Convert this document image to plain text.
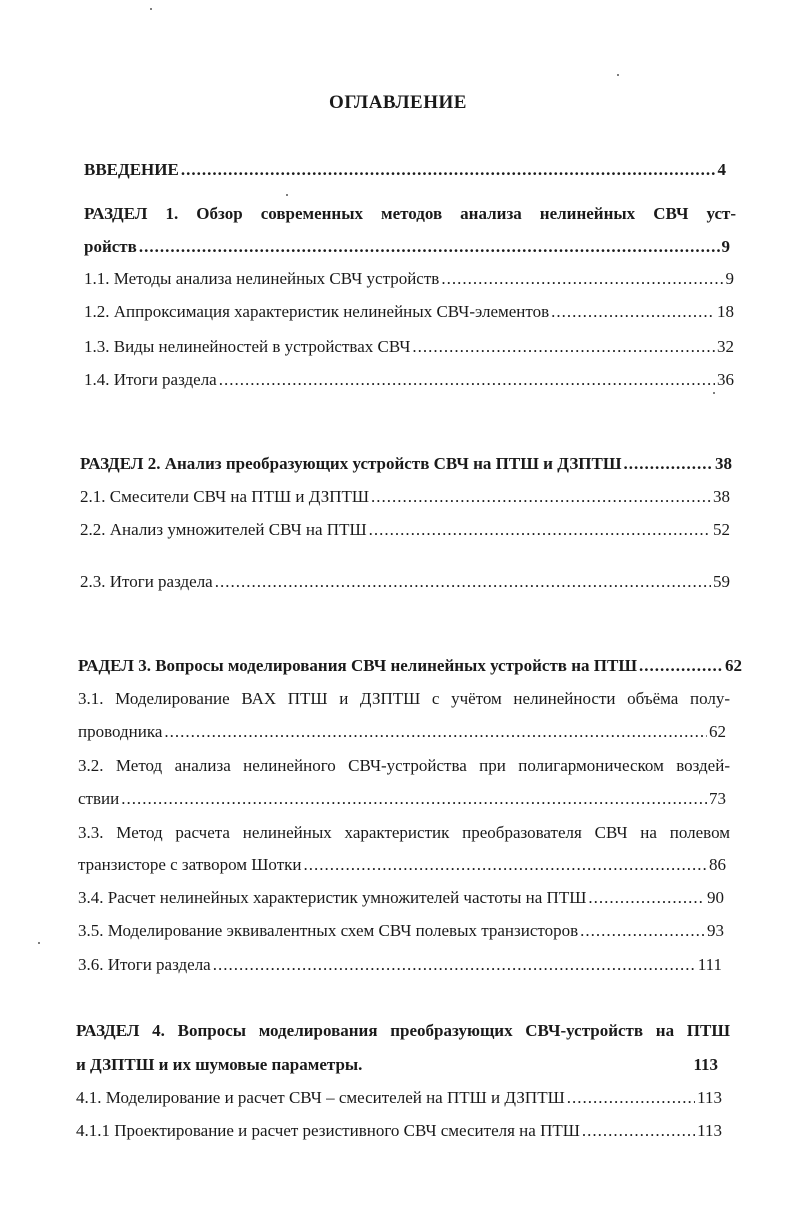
ОГЛАВЛЕНИЕ
ВВЕДЕНИЕ .....	4
РАЗДЕЛ 1. Обзор современных методов анализа нелинейных СВЧ уст-
ройств .....	9
1.1. Методы анализа нелинейных СВЧ устройств .....	9
1.2. Аппроксимация характеристик нелинейных СВЧ-элементов .....	18
1.3. Виды нелинейностей в устройствах СВЧ .....	32
1.4. Итоги раздела .....	36
РАЗДЕЛ 2. Анализ преобразующих устройств СВЧ на ПТШ и ДЗПТШ .....	38
2.1. Смесители СВЧ на ПТШ и ДЗПТШ .....	38
2.2. Анализ умножителей СВЧ на ПТШ .....	52
2.3. Итоги раздела .....	59
РАДЕЛ 3. Вопросы моделирования СВЧ нелинейных устройств на ПТШ .....	62
3.1. Моделирование ВАХ ПТШ и ДЗПТШ с учётом нелинейности объёма полу-
проводника .....	62
3.2. Метод анализа нелинейного СВЧ-устройства при полигармоническом воздей-
ствии .....	73
3.3. Метод расчета нелинейных характеристик преобразователя СВЧ на полевом
транзисторе с затвором Шотки .....	86
3.4. Расчет нелинейных характеристик умножителей частоты на ПТШ .....	90
3.5. Моделирование эквивалентных схем СВЧ полевых транзисторов .....	93
3.6. Итоги раздела .....	111
РАЗДЕЛ 4. Вопросы моделирования преобразующих СВЧ-устройств на ПТШ
и ДЗПТШ и их шумовые параметры.	113
4.1. Моделирование и расчет СВЧ – смесителей на ПТШ и ДЗПТШ .....	113
4.1.1 Проектирование и расчет резистивного СВЧ смесителя на ПТШ .....	113
